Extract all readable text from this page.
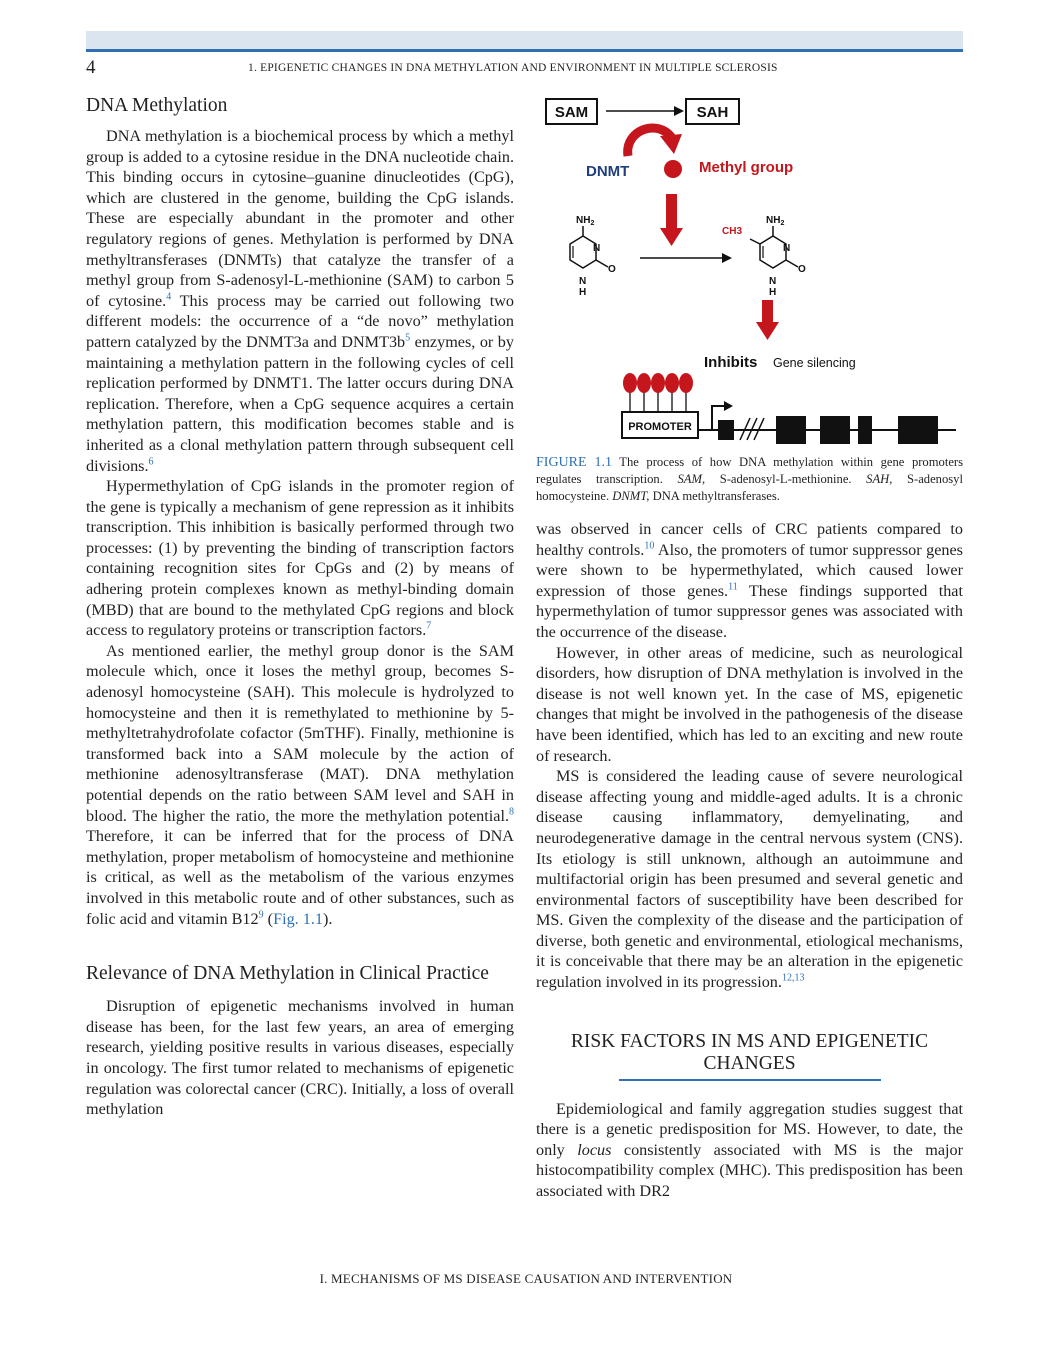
4	1. EPIGENETIC CHANGES IN DNA METHYLATION AND ENVIRONMENT IN MULTIPLE SCLEROSIS
DNA Methylation

DNA methylation is a biochemical process by which a methyl group is added to a cytosine residue in the DNA nucleotide chain. This binding occurs in cytosine–guanine dinucleotides (CpG), which are clustered in the genome, building the CpG islands. These are especially abundant in the promoter and other regulatory regions of genes. Methylation is performed by DNA methyltransferases (DNMTs) that catalyze the transfer of a methyl group from S-adenosyl-L-methionine (SAM) to carbon 5 of cytosine.$^4$ This process may be carried out following two different models: the occurrence of a “de novo” methylation pattern catalyzed by the DNMT3a and $DNMT3b^5$ enzymes, or by maintaining a methylation pattern in the following cycles of cell replication performed by DNMT1. The latter occurs during DNA replication. Therefore, when a CpG sequence acquires a certain methylation pattern, this modification becomes stable and is inherited as a clonal methylation pattern through subsequent cell divisions.$^6$

Hypermethylation of CpG islands in the promoter region of the gene is typically a mechanism of gene repression as it inhibits transcription. This inhibition is basically performed through two processes: (1) by preventing the binding of transcription factors containing recognition sites for CpGs and (2) by means of adhering protein complexes known as methyl-binding domain (MBD) that are bound to the methylated CpG regions and block access to regulatory proteins or transcription factors.$^7$

As mentioned earlier, the methyl group donor is the SAM molecule which, once it loses the methyl group, becomes S-adenosyl homocysteine (SAH). This molecule is hydrolyzed to homocysteine and then it is remethylated to methionine by 5-methyltetrahydrofolate cofactor (5mTHF). Finally, methionine is transformed back into a SAM molecule by the action of methionine adenosyltransferase (MAT). DNA methylation potential depends on the ratio between SAM level and SAH in blood. The higher the ratio, the more the methylation potential.$^8$ Therefore, it can be inferred that for the process of DNA methylation, proper metabolism of homocysteine and methionine is critical, as well as the metabolism of the various enzymes involved in this metabolic route and of other substances, such as folic acid and vitamin $B12^9$ (Fig. 1.1).

Relevance of DNA Methylation in Clinical Practice

Disruption of epigenetic mechanisms involved in human disease has been, for the last few years, an area of emerging research, yielding positive results in various diseases, especially in oncology. The first tumor related to mechanisms of epigenetic regulation was colorectal cancer (CRC). Initially, a loss of overall methylation

SAM	SAH
DNMT	Methyl group
$NH_2$
N
N
H
O
CH3
$NH_2$
N
N
H
O
Inhibits Gene silencing
PROMOTER
FIGURE 1.1 The process of how DNA methylation within gene promoters regulates transcription. SAM, S-adenosyl-L-methionine. SAH, S-adenosyl homocysteine. DNMT, DNA methyltransferases.

was observed in cancer cells of CRC patients compared to healthy controls.$^{10}$ Also, the promoters of tumor suppressor genes were shown to be hypermethylated, which caused lower expression of those genes.$^{11}$ These findings supported that hypermethylation of tumor suppressor genes was associated with the occurrence of the disease.

However, in other areas of medicine, such as neurological disorders, how disruption of DNA methylation is involved in the disease is not well known yet. In the case of MS, epigenetic changes that might be involved in the pathogenesis of the disease have been identified, which has led to an exciting and new route of research.

MS is considered the leading cause of severe neurological disease affecting young and middle-aged adults. It is a chronic disease causing inflammatory, demyelinating, and neurodegenerative damage in the central nervous system (CNS). Its etiology is still unknown, although an autoimmune and multifactorial origin has been presumed and several genetic and environmental factors of susceptibility have been described for MS. Given the complexity of the disease and the participation of diverse, both genetic and environmental, etiological mechanisms, it is conceivable that there may be an alteration in the epigenetic regulation involved in its progression.$^{12,13}$

RISK FACTORS IN MS AND EPIGENETIC
CHANGES

Epidemiological and family aggregation studies suggest that there is a genetic predisposition for MS. However, to date, the only locus consistently associated with MS is the major histocompatibility complex (MHC). This predisposition has been associated with DR2

I. MECHANISMS OF MS DISEASE CAUSATION AND INTERVENTION
